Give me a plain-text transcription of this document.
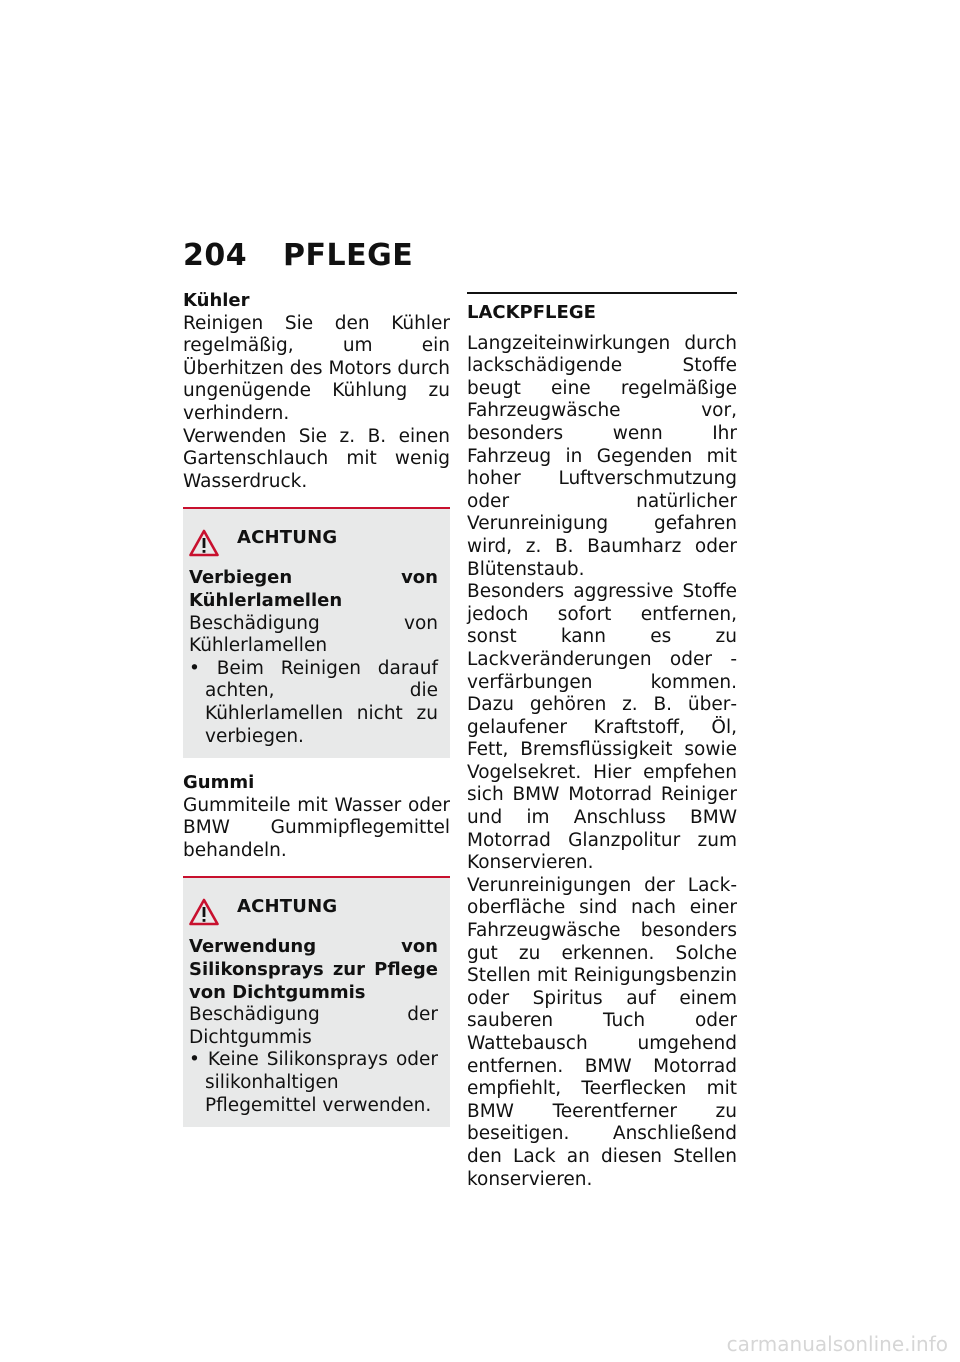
204	PFLEGE

Kühler

Reinigen Sie den Kühler regelmäßig, um ein Überhitzen des Motors durch ungenügende Kühlung zu verhindern.

Verwenden Sie z. B. einen Gartenschlauch mit wenig Wasserdruck.

ACHTUNG

Verbiegen von Kühlerlamellen

Beschädigung von Kühlerlamellen

• Beim Reinigen darauf achten, die Kühlerlamellen nicht zu verbiegen.

Gummi

Gummiteile mit Wasser oder BMW Gummipflegemittel behandeln.

ACHTUNG

Verwendung von Silikonsprays zur Pflege von Dichtgummis

Beschädigung der Dichtgummis

• Keine Silikonsprays oder silikonhaltigen Pflegemittel verwenden.

LACKPFLEGE

Langzeiteinwirkungen durch lackschädigende Stoffe beugt eine regelmäßige Fahrzeugwäsche vor, besonders wenn Ihr Fahrzeug in Gegenden mit hoher Luftverschmutzung oder natürlicher Verunreinigung gefahren wird, z. B. Baumharz oder Blütenstaub.

Besonders aggressive Stoffe jedoch sofort entfernen, sonst kann es zu Lackveränderungen oder -verfärbungen kommen. Dazu gehören z. B. übergelaufener Kraftstoff, Öl, Fett, Bremsflüssigkeit sowie Vogelsekret. Hier empfehen sich BMW Motorrad Reiniger und im Anschluss BMW Motorrad Glanzpolitur zum Konservieren.

Verunreinigungen der Lackoberfläche sind nach einer Fahrzeugwäsche besonders gut zu erkennen. Solche Stellen mit Reinigungsbenzin oder Spiritus auf einem sauberen Tuch oder Wattebausch umgehend entfernen. BMW Motorrad empfiehlt, Teerflecken mit BMW Teerentferner zu beseitigen. Anschließend den Lack an diesen Stellen konservieren.

carmanualsonline.info
